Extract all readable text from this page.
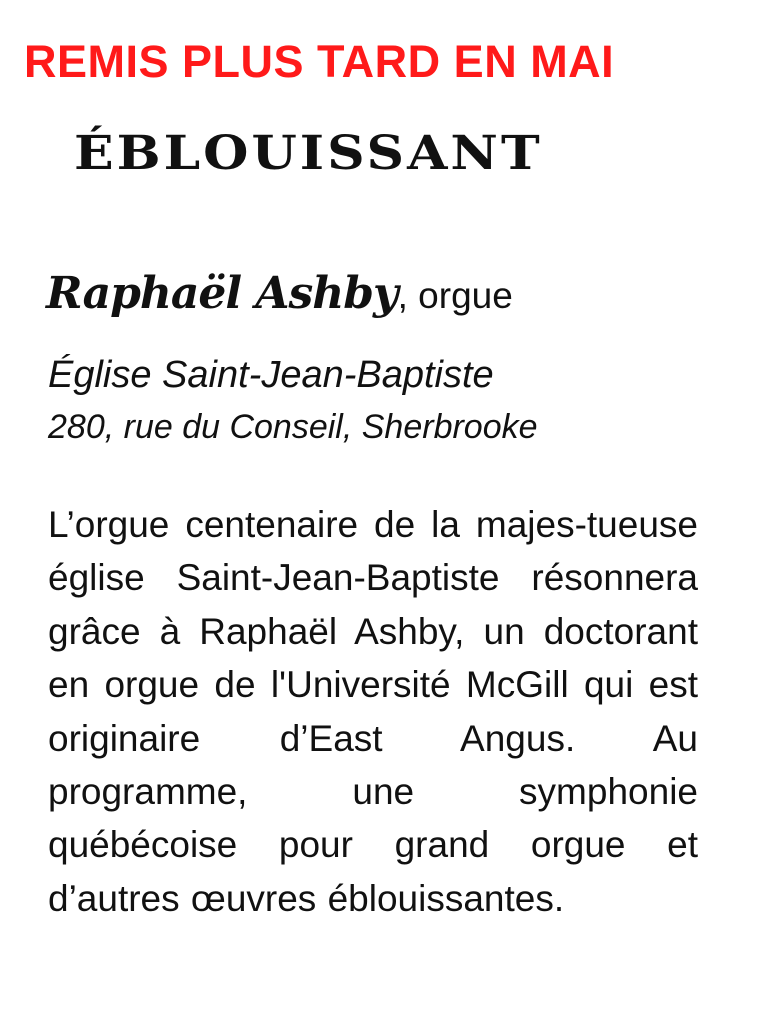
REMIS PLUS TARD EN MAI
ÉBLOUISSANT
Raphaël Ashby, orgue
Église Saint-Jean-Baptiste
280, rue du Conseil, Sherbrooke
L’orgue centenaire de la majes-tueuse église Saint-Jean-Baptiste résonnera grâce à Raphaël Ashby, un doctorant en orgue de l'Université McGill qui est originaire d’East Angus. Au programme, une symphonie québécoise pour grand orgue et d’autres œuvres éblouissantes.
